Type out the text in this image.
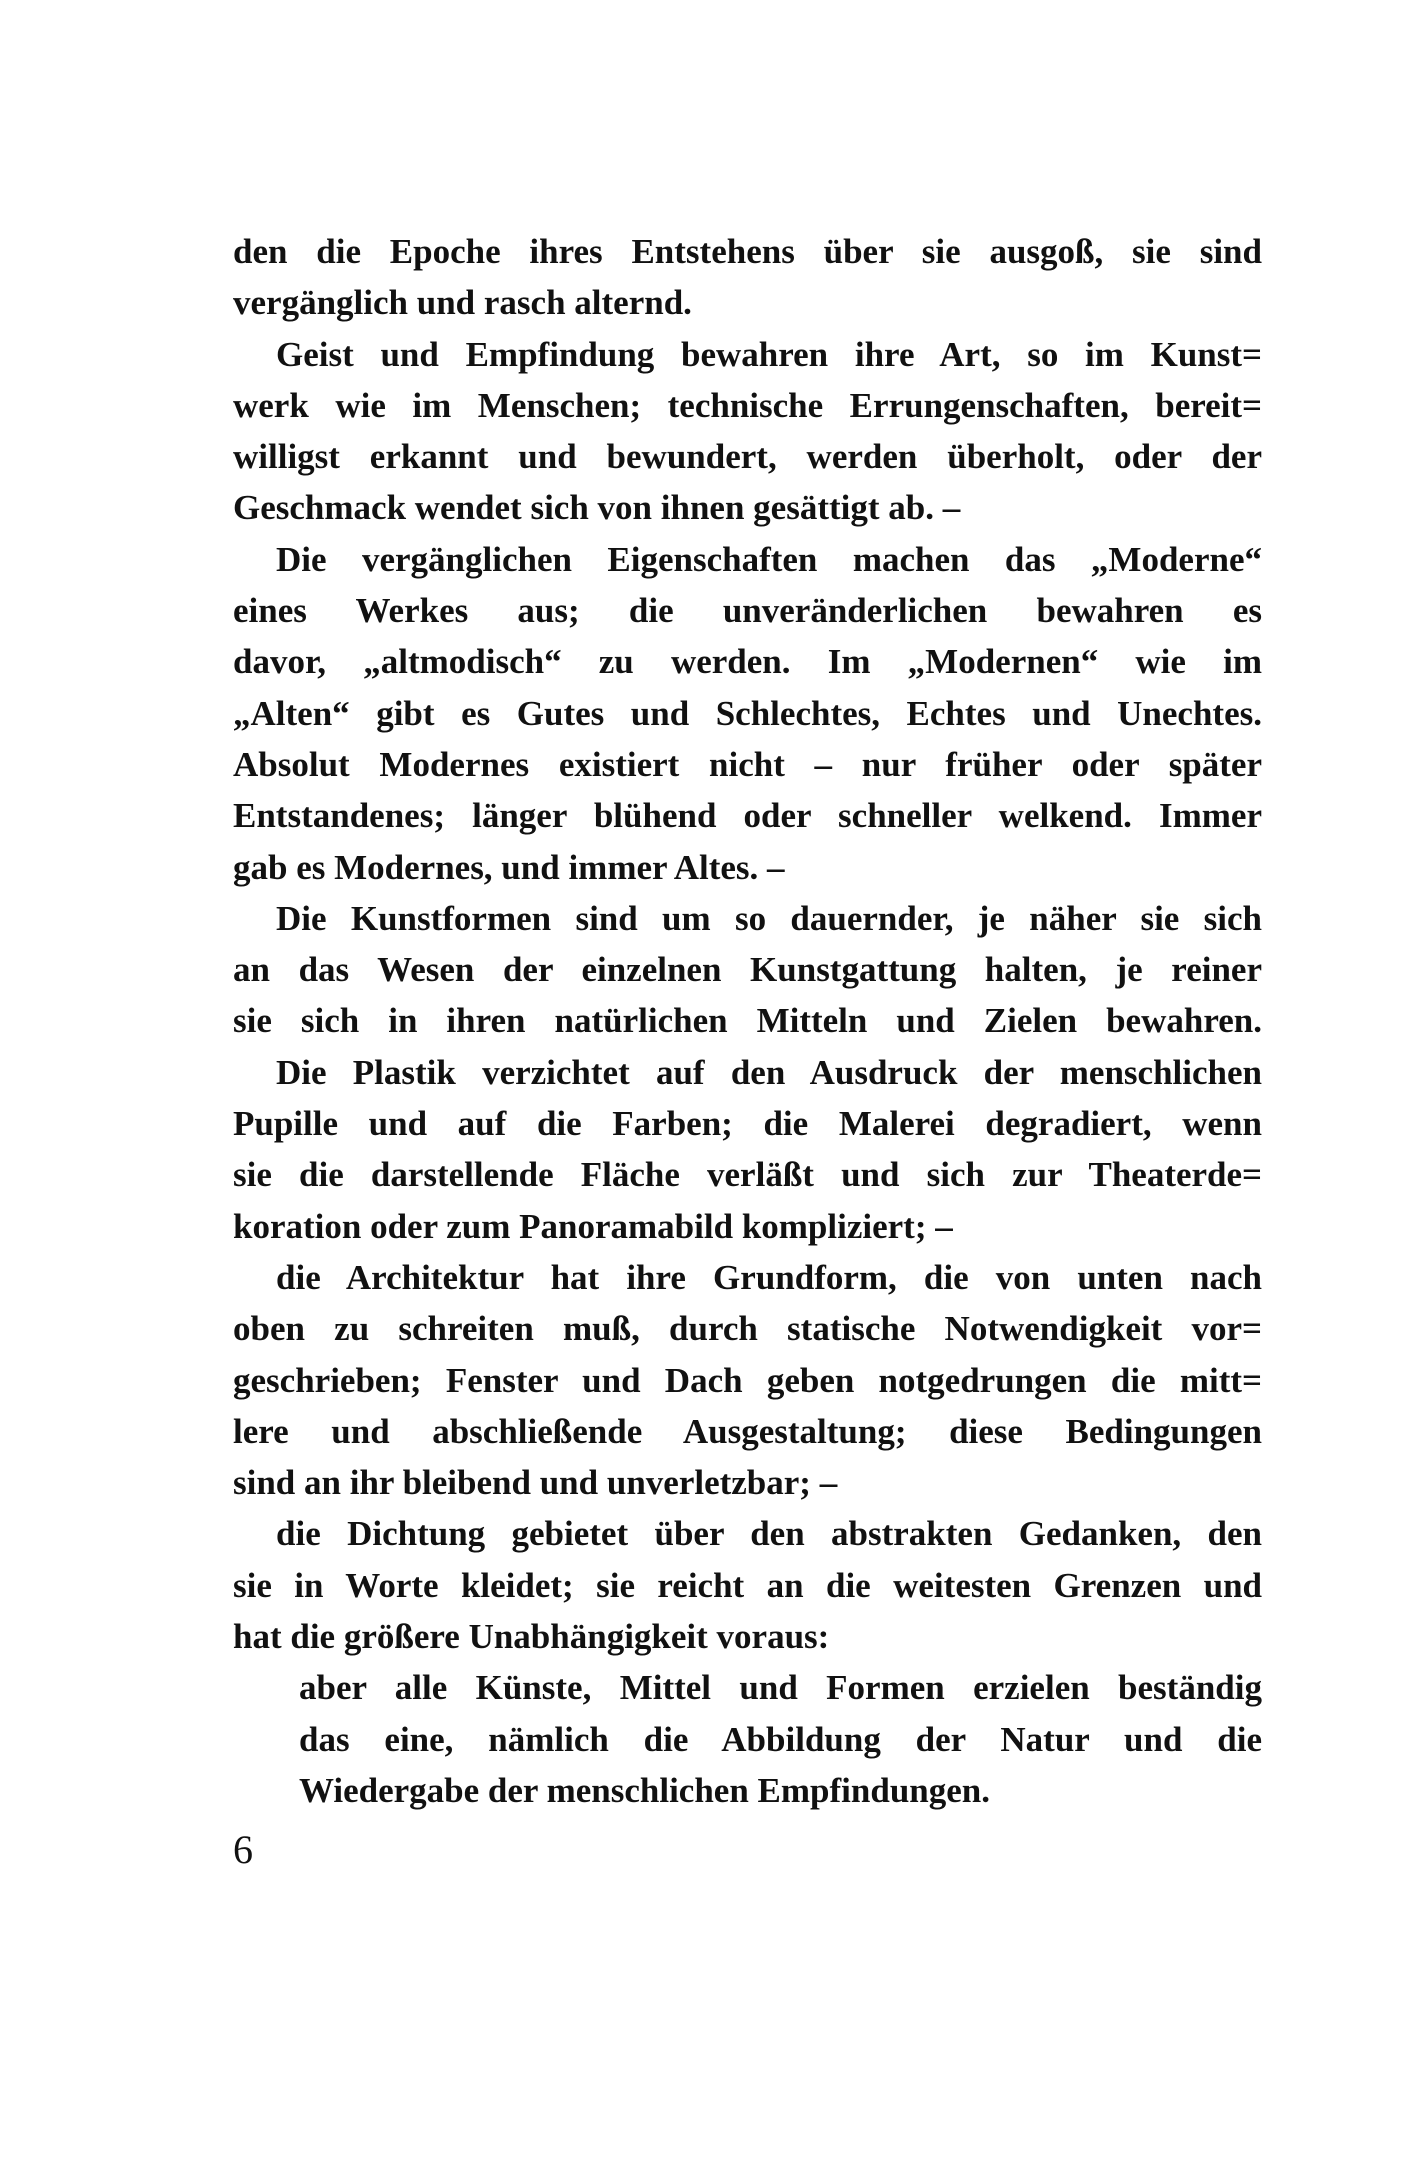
den die Epoche ihres Entstehens über sie ausgoß, sie sind
vergänglich und rasch alternd.
Geist und Empfindung bewahren ihre Art, so im Kunst=
werk wie im Menschen; technische Errungenschaften, bereit=
willigst erkannt und bewundert, werden überholt, oder der
Geschmack wendet sich von ihnen gesättigt ab. –
Die vergänglichen Eigenschaften machen das „Moderne“
eines Werkes aus; die unveränderlichen bewahren es
davor, „altmodisch“ zu werden. Im „Modernen“ wie im
„Alten“ gibt es Gutes und Schlechtes, Echtes und Unechtes.
Absolut Modernes existiert nicht – nur früher oder später
Entstandenes; länger blühend oder schneller welkend. Immer
gab es Modernes, und immer Altes. –
Die Kunstformen sind um so dauernder, je näher sie sich
an das Wesen der einzelnen Kunstgattung halten, je reiner
sie sich in ihren natürlichen Mitteln und Zielen bewahren.
Die Plastik verzichtet auf den Ausdruck der menschlichen
Pupille und auf die Farben; die Malerei degradiert, wenn
sie die darstellende Fläche verläßt und sich zur Theaterde=
koration oder zum Panoramabild kompliziert; –
die Architektur hat ihre Grundform, die von unten nach
oben zu schreiten muß, durch statische Notwendigkeit vor=
geschrieben; Fenster und Dach geben notgedrungen die mitt=
lere und abschließende Ausgestaltung; diese Bedingungen
sind an ihr bleibend und unverletzbar; –
die Dichtung gebietet über den abstrakten Gedanken, den
sie in Worte kleidet; sie reicht an die weitesten Grenzen und
hat die größere Unabhängigkeit voraus:
aber alle Künste, Mittel und Formen erzielen beständig
das eine, nämlich die Abbildung der Natur und die
Wiedergabe der menschlichen Empfindungen.
6
